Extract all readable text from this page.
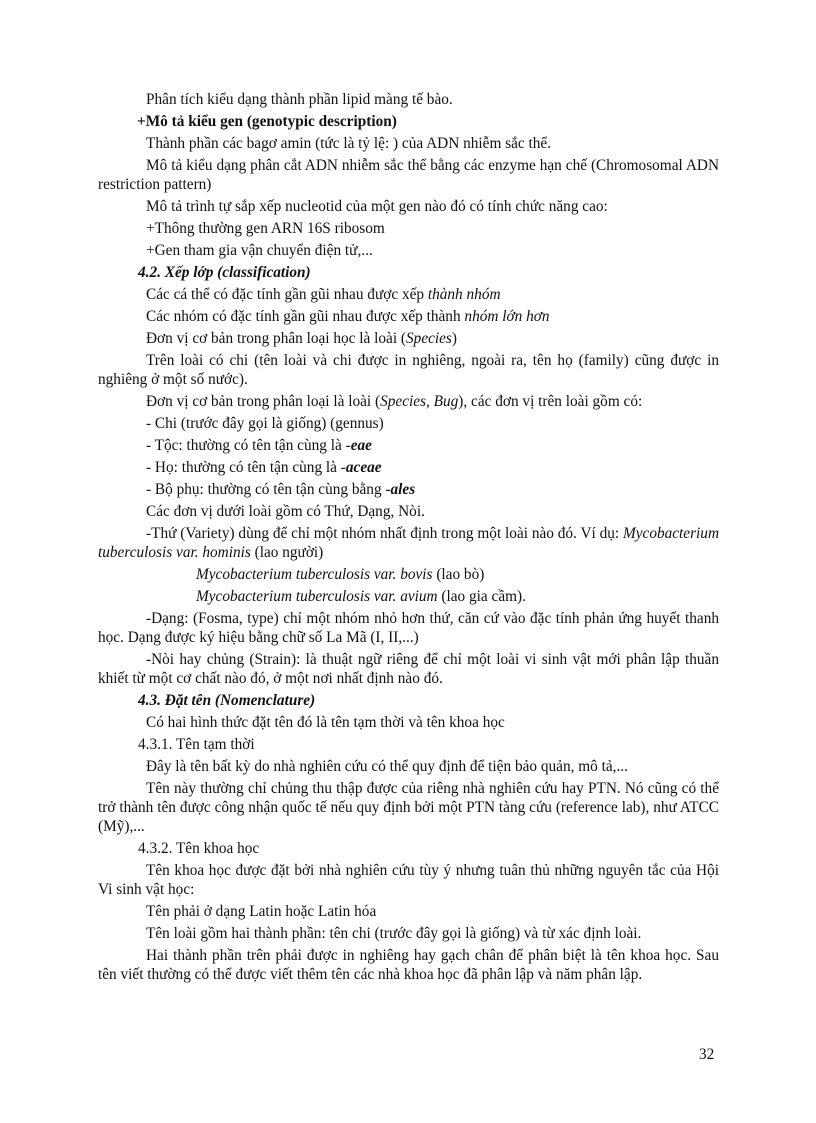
Phân tích kiểu dạng thành phần lipid màng tế bào.

+Mô tả kiểu gen (genotypic description)

Thành phần các bagơ amin (tức là tỷ lệ: ) của ADN nhiễm sắc thể.

Mô tả kiểu dạng phân cắt ADN nhiễm sắc thể bằng các enzyme hạn chế (Chromosomal ADN restriction pattern)

Mô tả trình tự sắp xếp nucleotid của một gen nào đó có tính chức năng cao:

+Thông thường gen ARN 16S ribosom

+Gen tham gia vận chuyển điện tử,...

4.2. Xếp lớp (classification)

Các cá thể có đặc tính gần gũi nhau được xếp thành nhóm

Các nhóm có đặc tính gần gũi nhau được xếp thành nhóm lớn hơn

Đơn vị cơ bản trong phân loại học là loài (Species)

Trên loài có chi (tên loài và chi được in nghiêng, ngoài ra, tên họ (family) cũng được in nghiêng ở một số nước).

Đơn vị cơ bản trong phân loại là loài (Species, Bug), các đơn vị trên loài gồm có:

- Chi (trước đây gọi là giống) (gennus)

- Tộc: thường có tên tận cùng là -eae

- Họ: thường có tên tận cùng là -aceae

- Bộ phụ: thường có tên tận cùng bằng -ales

Các đơn vị dưới loài gồm có Thứ, Dạng, Nòi.

-Thứ (Variety) dùng để chỉ một nhóm nhất định trong một loài nào đó. Ví dụ: Mycobacterium tuberculosis var. hominis (lao người)

Mycobacterium tuberculosis var. bovis (lao bò)

Mycobacterium tuberculosis var. avium (lao gia cầm).

-Dạng: (Fosma, type) chỉ một nhóm nhỏ hơn thứ, căn cứ vào đặc tính phản ứng huyết thanh học. Dạng được ký hiệu bằng chữ số La Mã (I, II,...)

-Nòi hay chủng (Strain): là thuật ngữ riêng để chỉ một loài vi sinh vật mới phân lập thuần khiết từ một cơ chất nào đó, ở một nơi nhất định nào đó.

4.3. Đặt tên (Nomenclature)

Có hai hình thức đặt tên đó là tên tạm thời và tên khoa học

4.3.1. Tên tạm thời

Đây là tên bất kỳ do nhà nghiên cứu có thể quy định để tiện bảo quản, mô tả,...

Tên này thường chỉ chủng thu thập được của riêng nhà nghiên cứu hay PTN. Nó cũng có thể trở thành tên được công nhận quốc tế nếu quy định bởi một PTN tàng cứu (reference lab), như ATCC (Mỹ),...

4.3.2. Tên khoa học

Tên khoa học được đặt bởi nhà nghiên cứu tùy ý nhưng tuân thủ những nguyên tắc của Hội Vi sinh vật học:

Tên phải ở dạng Latin hoặc Latin hóa

Tên loài gồm hai thành phần: tên chi (trước đây gọi là giống) và từ xác định loài.

Hai thành phần trên phải được in nghiêng hay gạch chân để phân biệt là tên khoa học. Sau tên viết thường có thể được viết thêm tên các nhà khoa học đã phân lập và năm phân lập.

32
